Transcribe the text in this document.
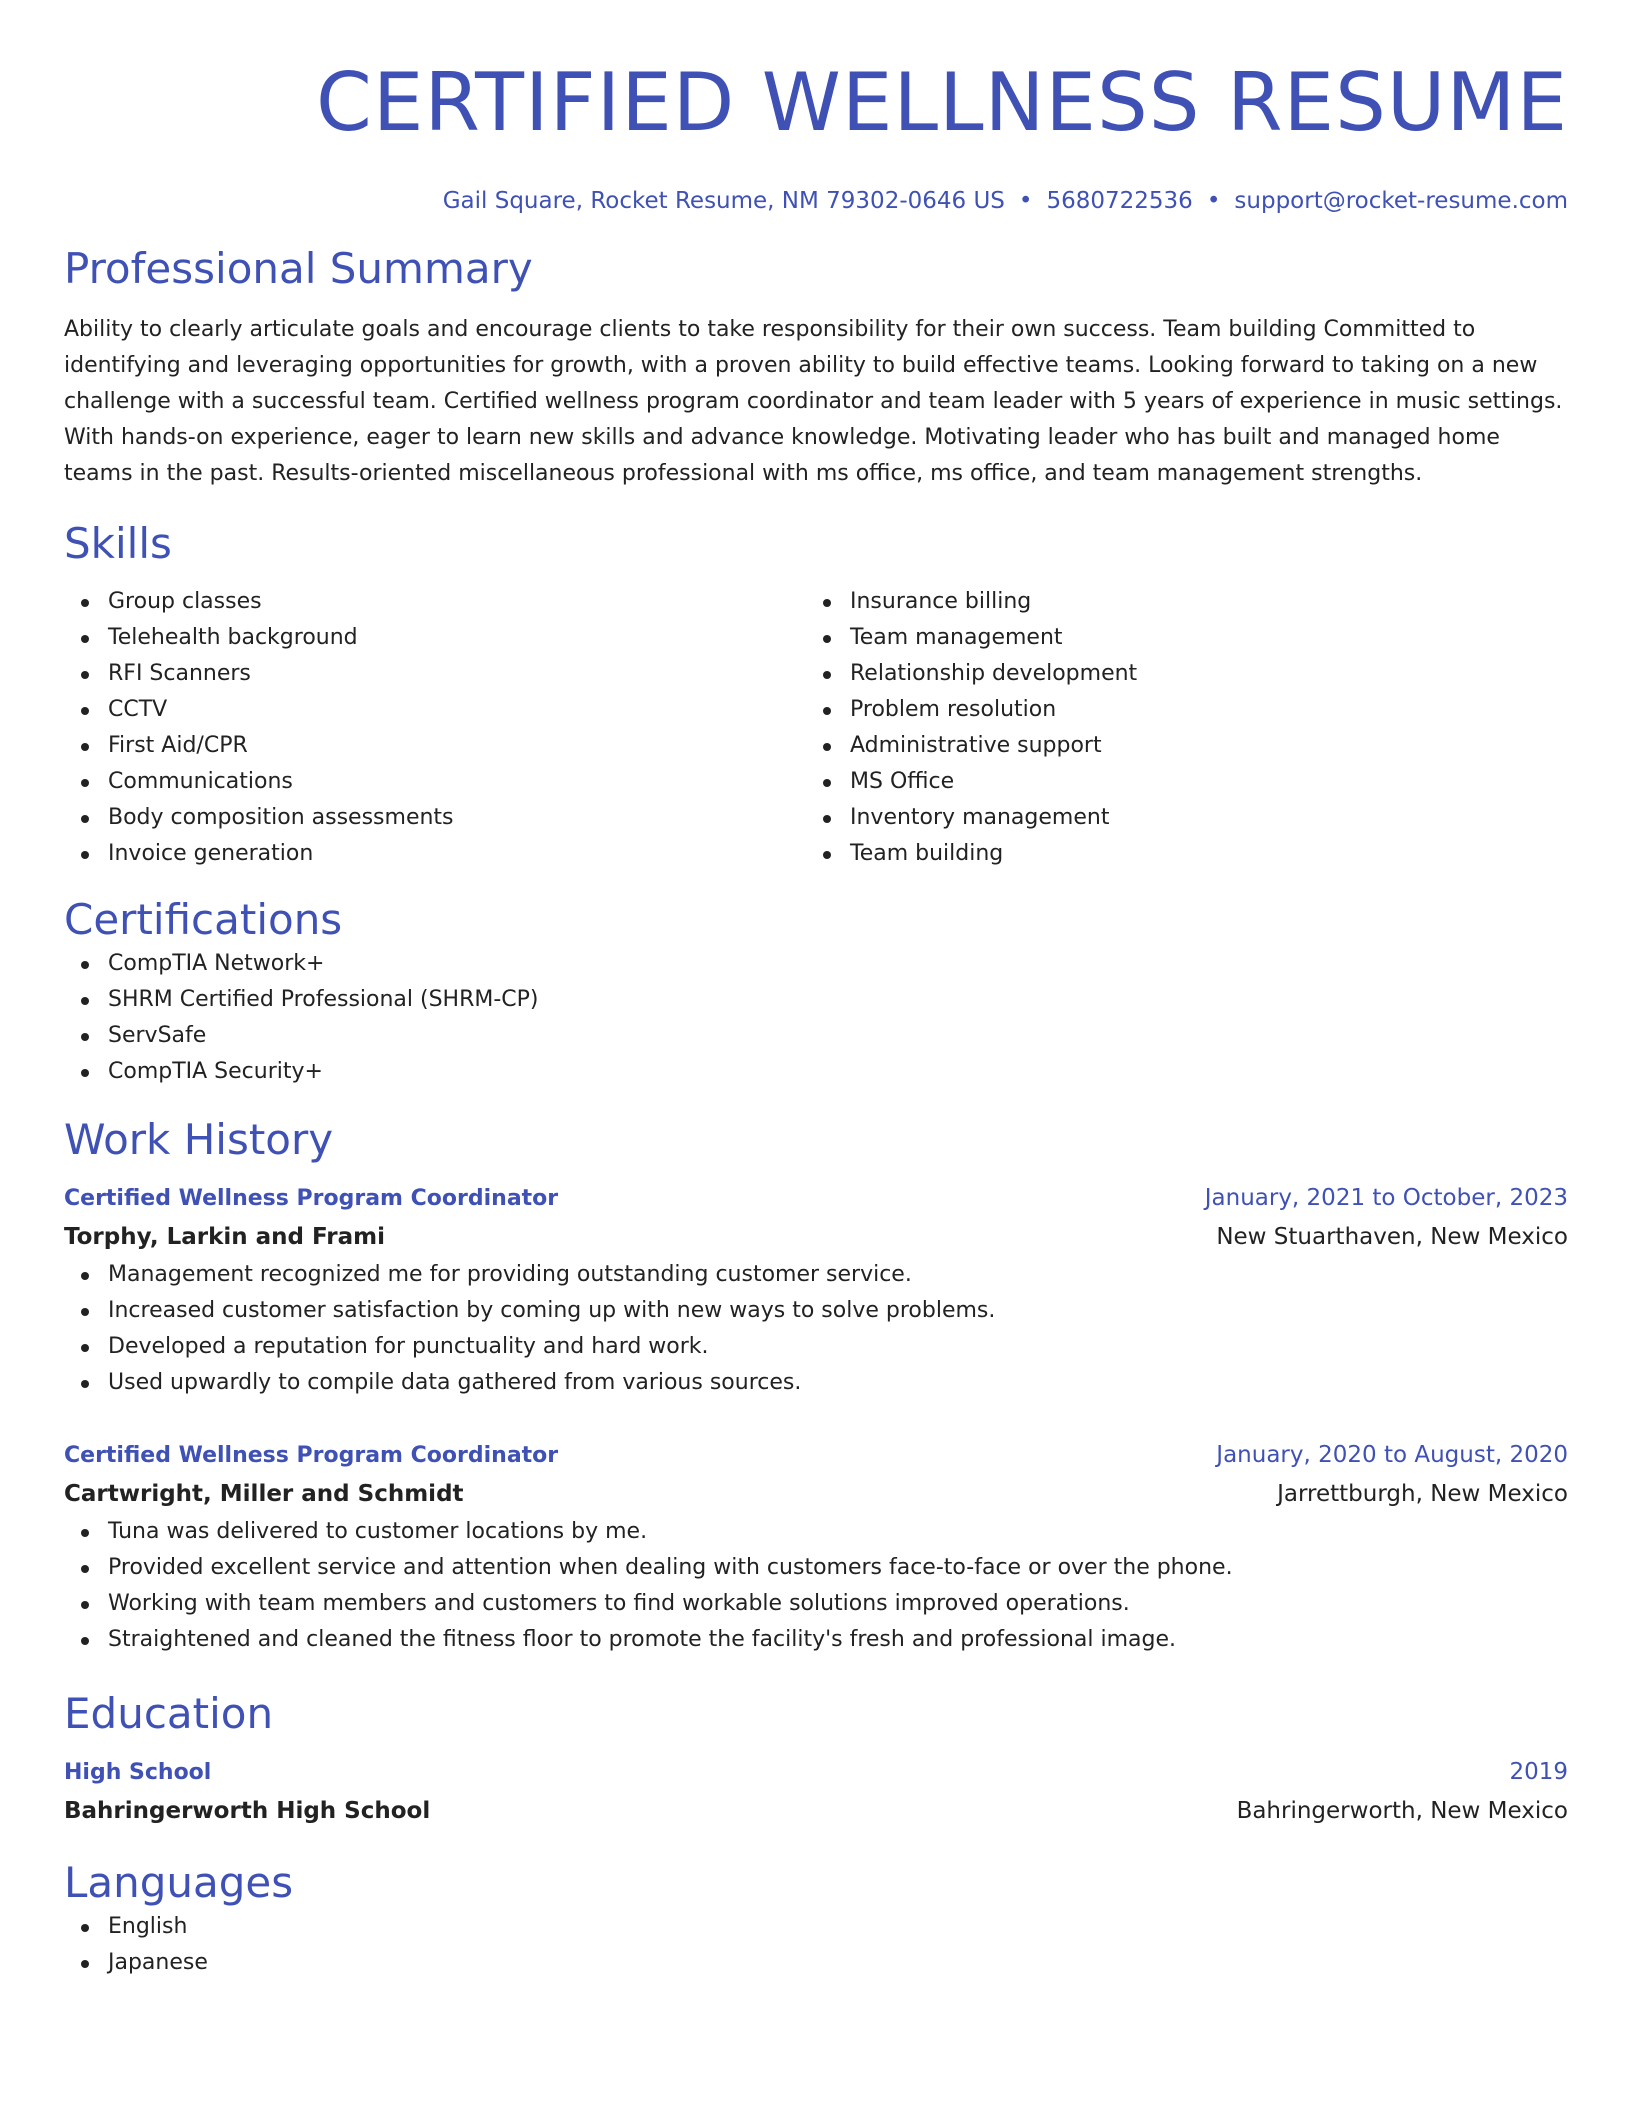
CERTIFIED WELLNESS RESUME
Gail Square, Rocket Resume, NM 79302-0646 US • 5680722536 • support@rocket-resume.com
Professional Summary

Ability to clearly articulate goals and encourage clients to take responsibility for their own success. Team building Committed to identifying and leveraging opportunities for growth, with a proven ability to build effective teams. Looking forward to taking on a new challenge with a successful team. Certified wellness program coordinator and team leader with 5 years of experience in music settings. With hands-on experience, eager to learn new skills and advance knowledge. Motivating leader who has built and managed home teams in the past. Results-oriented miscellaneous professional with ms office, ms office, and team management strengths.

Skills
Group classes
Telehealth background
RFI Scanners
CCTV
First Aid/CPR
Communications
Body composition assessments
Invoice generation
Insurance billing
Team management
Relationship development
Problem resolution
Administrative support
MS Office
Inventory management
Team building
Certifications
CompTIA Network+
SHRM Certified Professional (SHRM-CP)
ServSafe
CompTIA Security+
Work History
Certified Wellness Program Coordinator	January, 2021 to October, 2023
Torphy, Larkin and Frami	New Stuarthaven, New Mexico
Management recognized me for providing outstanding customer service.
Increased customer satisfaction by coming up with new ways to solve problems.
Developed a reputation for punctuality and hard work.
Used upwardly to compile data gathered from various sources.
Certified Wellness Program Coordinator	January, 2020 to August, 2020
Cartwright, Miller and Schmidt	Jarrettburgh, New Mexico
Tuna was delivered to customer locations by me.
Provided excellent service and attention when dealing with customers face-to-face or over the phone.
Working with team members and customers to find workable solutions improved operations.
Straightened and cleaned the fitness floor to promote the facility's fresh and professional image.
Education
High School	2019
Bahringerworth High School	Bahringerworth, New Mexico
Languages
English
Japanese
